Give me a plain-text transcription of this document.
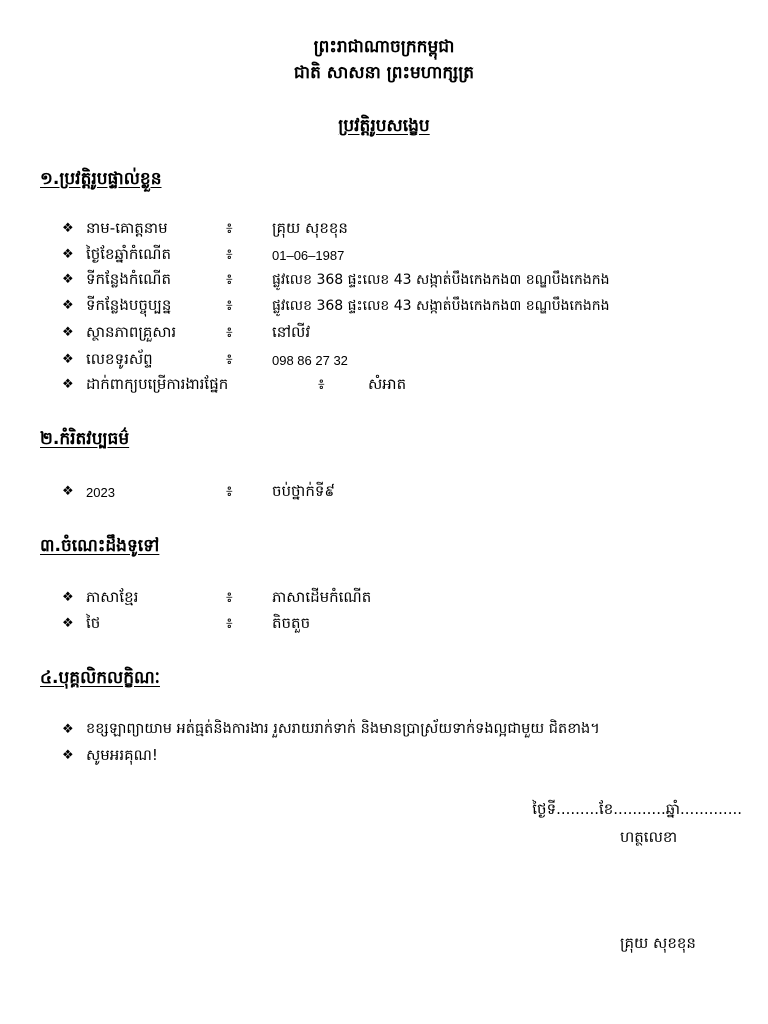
ព្រះរាជាណាចក្រកម្ពុជា
ជាតិ សាសនា ព្រះមហាក្សត្រ
ប្រវត្តិរូបសង្ខេប
១.ប្រវត្តិរូបផ្ទាល់ខ្លួន
❖ នាម-គោត្តនាម	៖	គ្រុយ សុខខុន
❖ ថ្ងៃខែឆ្នាំកំណើត	៖	01–06–1987
❖ ទីកន្លែងកំណើត	៖	ផ្លូវលេខ 368 ផ្ទះលេខ 43 សង្កាត់បឹងកេងកង៣ ខណ្ឌបឹងកេងកង
❖ ទីកន្លែងបច្ចុប្បន្ន	៖	ផ្លូវលេខ 368 ផ្ទះលេខ 43 សង្កាត់បឹងកេងកង៣ ខណ្ឌបឹងកេងកង
❖ ស្ថានភាពគ្រួសារ	៖	នៅលីវ
❖ លេខទូរស័ព្ទ	៖	098 86 27 32
❖ ដាក់ពាក្យបម្រើការងារផ្នែក	៖	សំអាត
២.កំរិតវប្បធម៌
❖ 2023	៖	ចប់ថ្នាក់ទី៩
៣.ចំណេះដឹងទូទៅ
❖ ភាសាខ្មែរ	៖	ភាសាដើមកំណើត
❖ ថៃ	៖	តិចតួច
៤.បុគ្គលិកលក្ខិណៈ
❖ ខខ្សឡាព្យាយាម អត់ធ្មត់និងការងារ រួសរាយរាក់ទាក់ និងមានប្រាស្រ័យទាក់ទងល្អជាមួយ ជិតខាង។
❖ សូមអរគុណ!
ថ្ងៃទី.........ខែ...........ឆ្នាំ.............
ហត្ថលេខា
គ្រុយ សុខខុន
